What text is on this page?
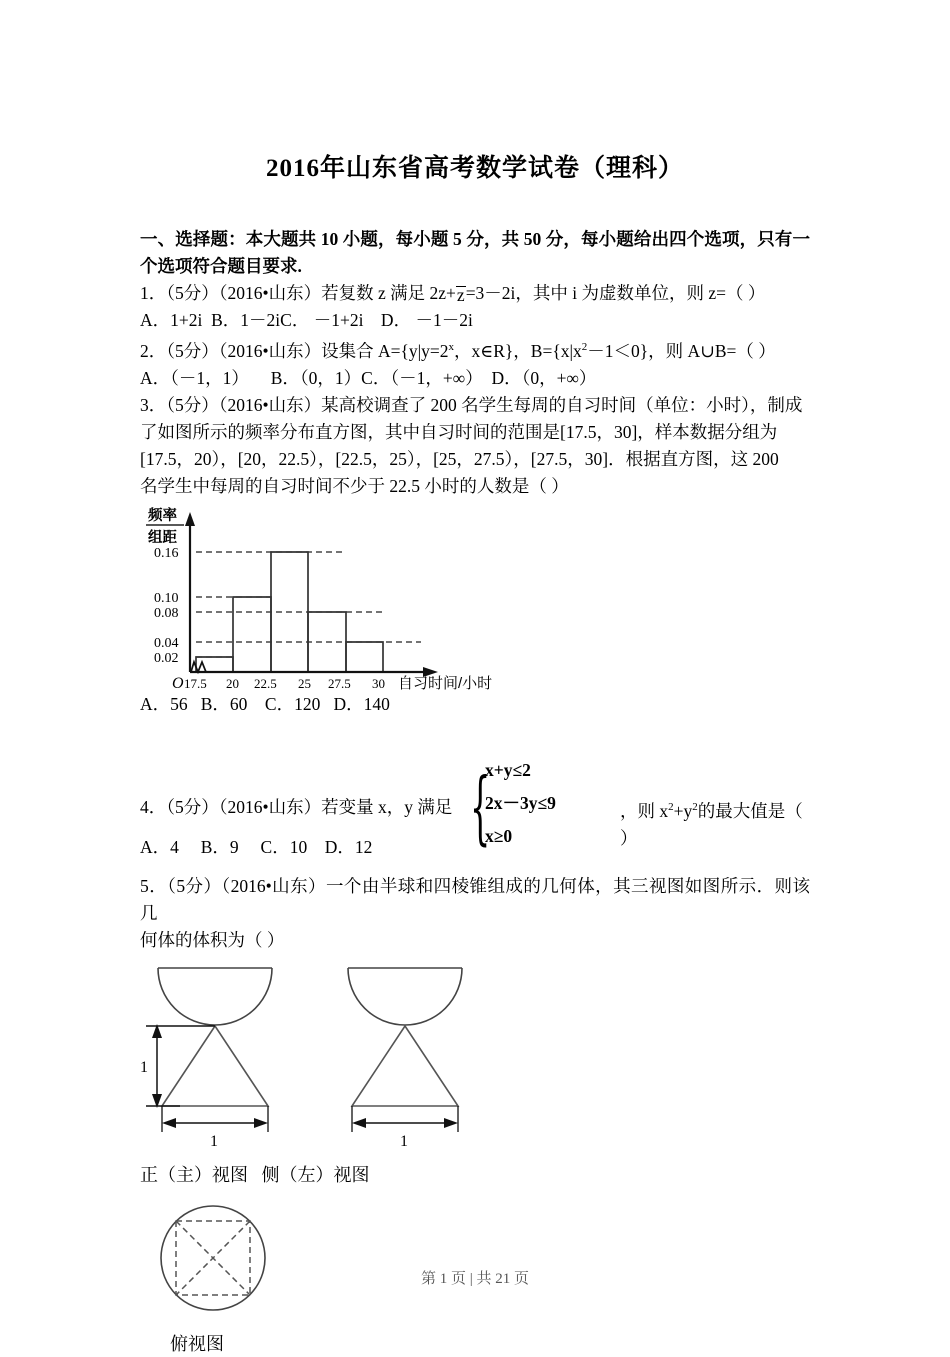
2016年山东省高考数学试卷（理科）
一、选择题：本大题共 10 小题，每小题 5 分，共 50 分，每小题给出四个选项，只有一个选项符合题目要求.
1．（5分）（2016•山东）若复数 z 满足 2z+z=3－2i，其中 i 为虚数单位，则 z=（ ）
A．1+2i  B．1－2iC． －1+2i    D． －1－2i
2．（5分）（2016•山东）设集合 $A=\{y|y=2^x$，x∈R}，$B=\{x|x^2-1<0\}$，则 A∪B=（ ）
A．（－1，1）     B．（0，1）C．（－1，+∞）  D．（0，+∞）
3．（5分）（2016•山东）某高校调查了 200 名学生每周的自习时间（单位：小时），制成
了如图所示的频率分布直方图，其中自习时间的范围是[17.5，30]，样本数据分组为
[17.5，20），[20，22.5），[22.5，25），[25，27.5），[27.5，30]．根据直方图，这 200
名学生中每周的自习时间不少于 22.5 小时的人数是（ ）
频率
组距
0.16
0.10
0.08
0.04
0.02
O 17.5 20 22.5 25 27.5 30 自习时间/小时
A．56   B．60    C．120   D．140
4．（5分）（2016•山东）若变量 x，y 满足 {
x+y≤2
2x－3y≤9
x≥0
，则 $x^2+y^2$的最大值是（ ）
A．4     B．9     C．10    D．12
5．（5分）（2016•山东）一个由半球和四棱锥组成的几何体，其三视图如图所示．则该几
何体的体积为（ ）
1
1	1
正（主）视图   侧（左）视图
俯视图
第 1 页 | 共 21 页
